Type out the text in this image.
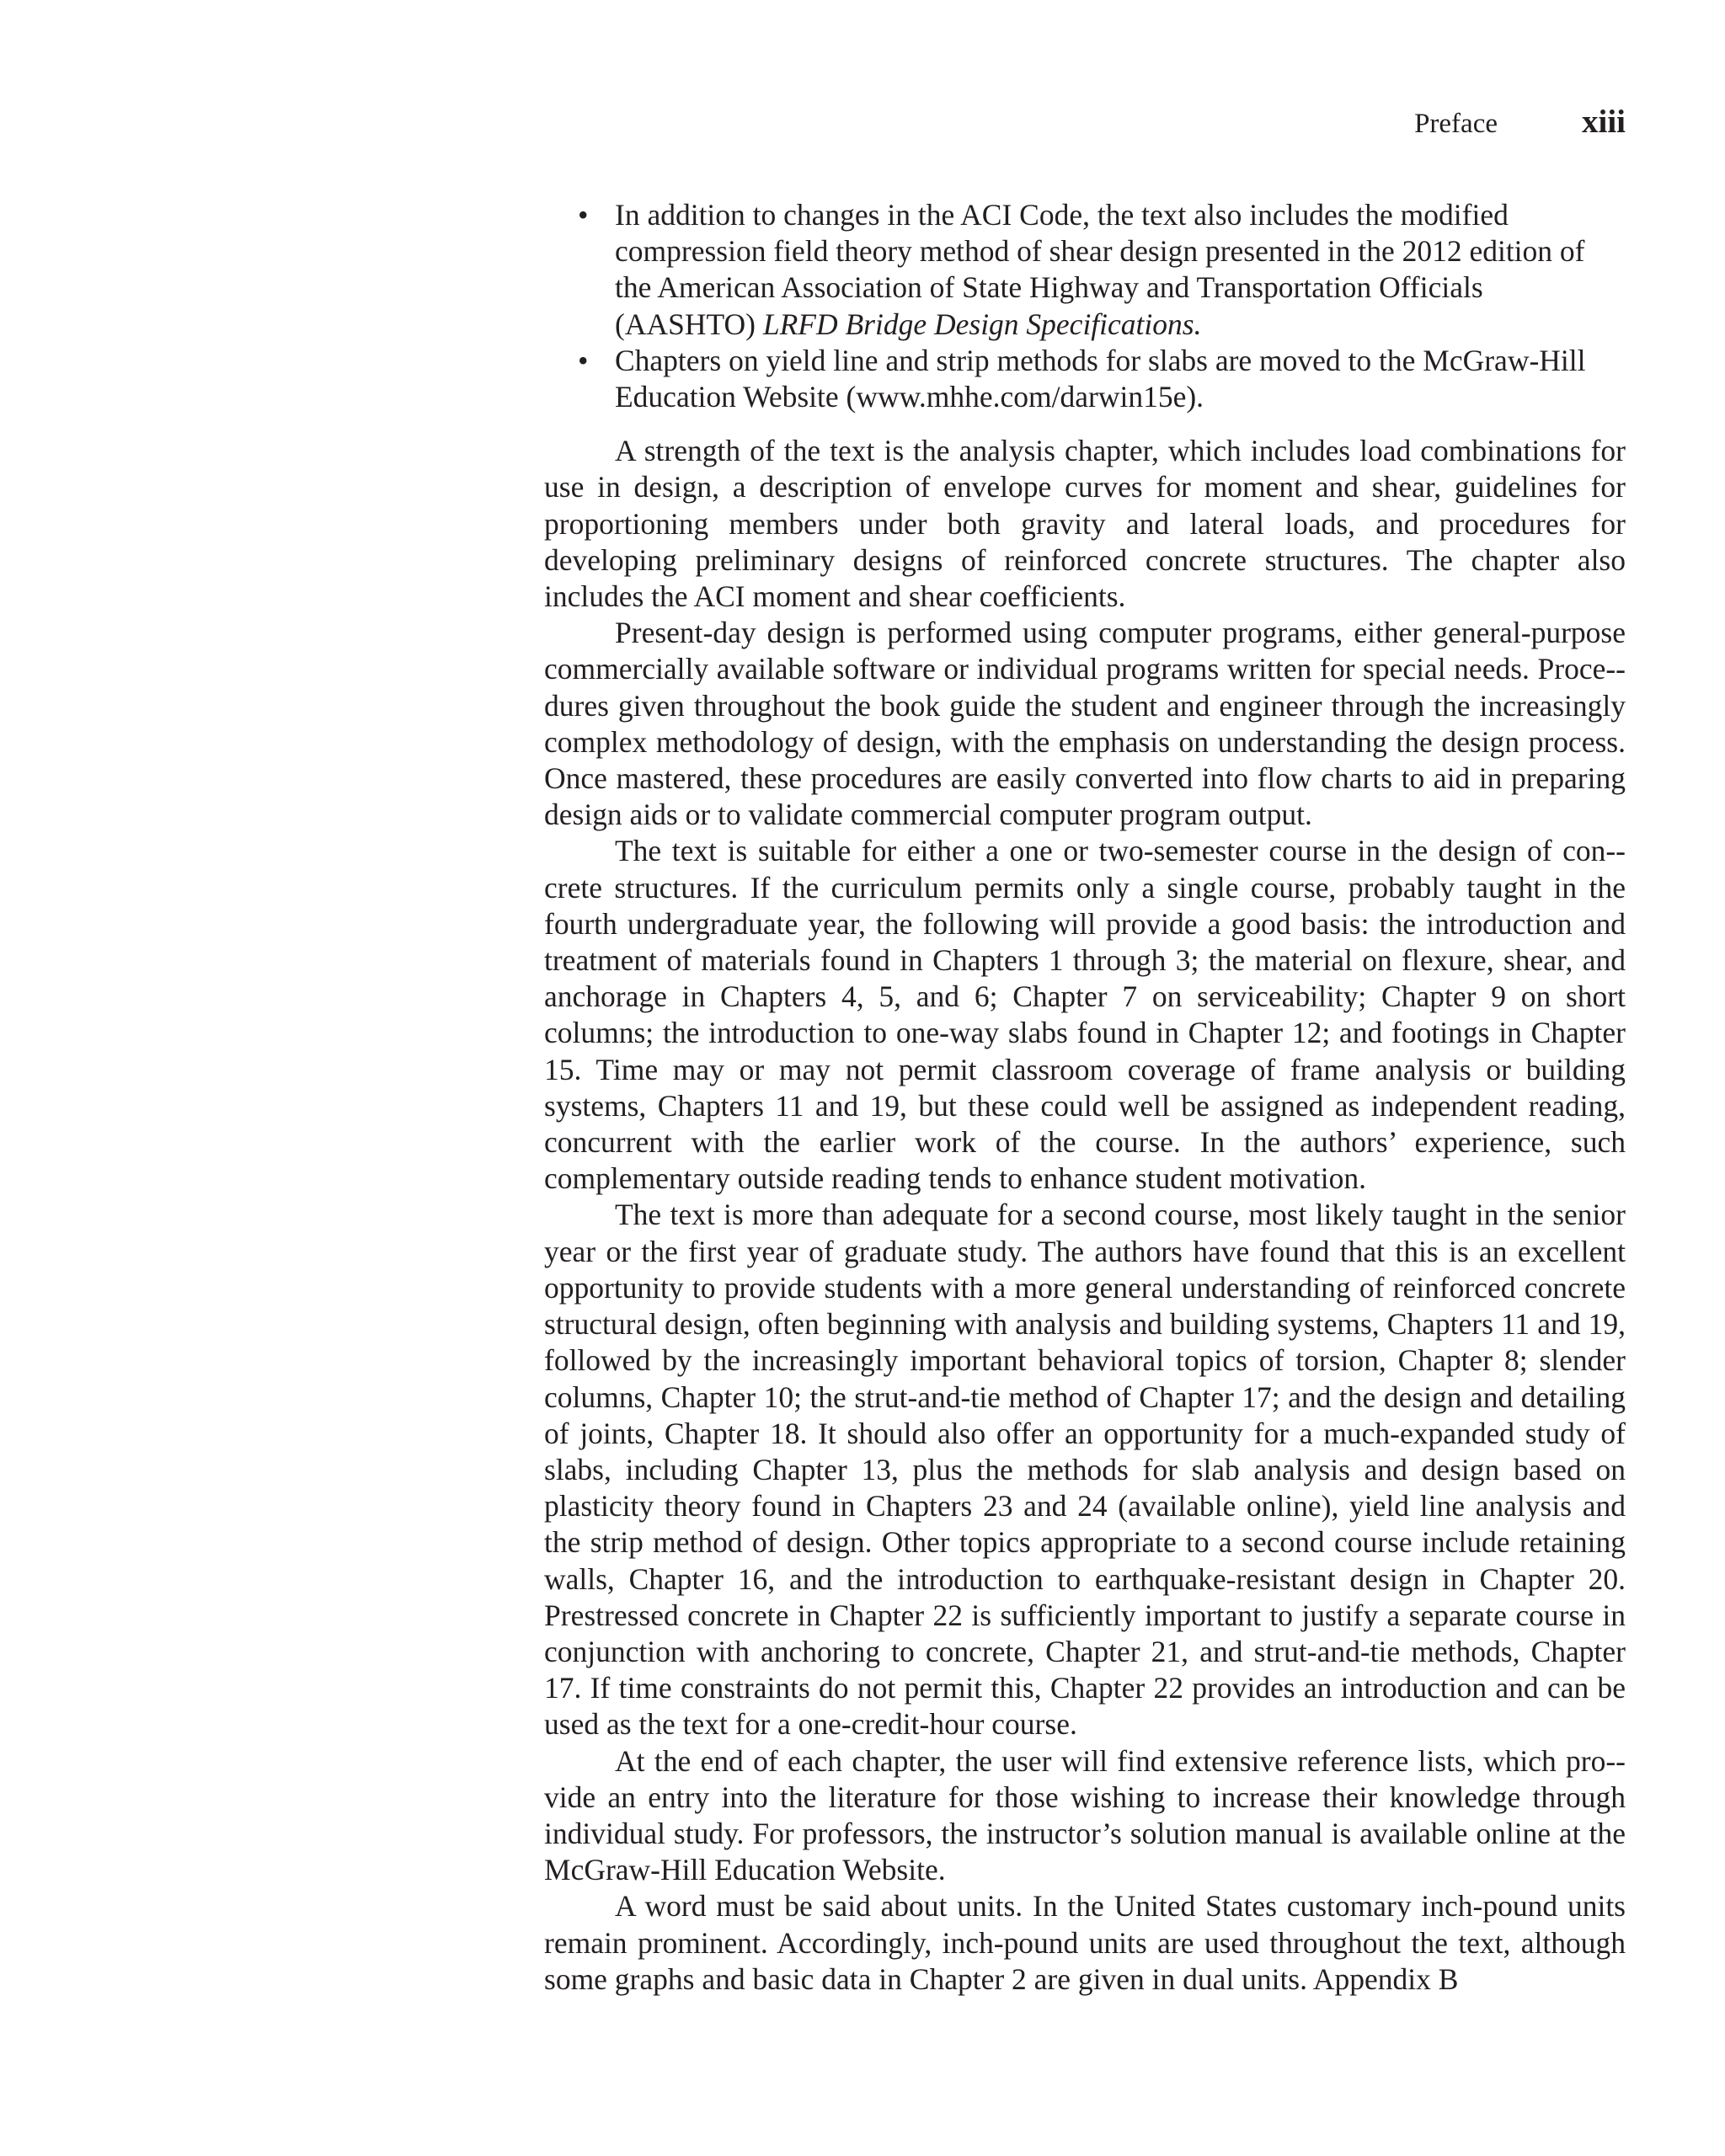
Preface	xiii
•
In addition to changes in the ACI Code, the text also includes the modified compression field theory method of shear design presented in the 2012 edition of the American Association of State Highway and Transportation Officials (AASHTO) LRFD Bridge Design Specifications.
•
Chapters on yield line and strip methods for slabs are moved to the McGraw-Hill Education Website (www.mhhe.com/darwin15e).

A strength of the text is the analysis chapter, which includes load combinations for use in design, a description of envelope curves for moment and shear, guidelines for proportioning members under both gravity and lateral loads, and procedures for developing preliminary designs of reinforced concrete structures. The chapter also includes the ACI moment and shear coefficients.

Present-day design is performed using computer programs, either general-purpose commercially available software or individual programs written for special needs. Proce-dures given throughout the book guide the student and engineer through the increasingly complex methodology of design, with the emphasis on understanding the design process. Once mastered, these procedures are easily converted into flow charts to aid in preparing design aids or to validate commercial computer program output.

The text is suitable for either a one or two-semester course in the design of con-crete structures. If the curriculum permits only a single course, probably taught in the fourth undergraduate year, the following will provide a good basis: the introduction and treatment of materials found in Chapters 1 through 3; the material on flexure, shear, and anchorage in Chapters 4, 5, and 6; Chapter 7 on serviceability; Chapter 9 on short columns; the introduction to one-way slabs found in Chapter 12; and footings in Chapter 15. Time may or may not permit classroom coverage of frame analysis or building systems, Chapters 11 and 19, but these could well be assigned as independent reading, concurrent with the earlier work of the course. In the authors’ experience, such complementary outside reading tends to enhance student motivation.

The text is more than adequate for a second course, most likely taught in the senior year or the first year of graduate study. The authors have found that this is an excellent opportunity to provide students with a more general understanding of reinforced concrete structural design, often beginning with analysis and building systems, Chapters 11 and 19, followed by the increasingly important behavioral topics of torsion, Chapter 8; slender columns, Chapter 10; the strut-and-tie method of Chapter 17; and the design and detailing of joints, Chapter 18. It should also offer an opportunity for a much-expanded study of slabs, including Chapter 13, plus the methods for slab analysis and design based on plasticity theory found in Chapters 23 and 24 (available online), yield line analysis and the strip method of design. Other topics appropriate to a second course include retaining walls, Chapter 16, and the introduction to earthquake-resistant design in Chapter 20. Prestressed concrete in Chapter 22 is sufficiently important to justify a separate course in conjunction with anchoring to concrete, Chapter 21, and strut-and-tie methods, Chapter 17. If time constraints do not permit this, Chapter 22 provides an introduction and can be used as the text for a one-credit-hour course.

At the end of each chapter, the user will find extensive reference lists, which pro-vide an entry into the literature for those wishing to increase their knowledge through individual study. For professors, the instructor’s solution manual is available online at the McGraw-Hill Education Website.

A word must be said about units. In the United States customary inch-pound units remain prominent. Accordingly, inch-pound units are used throughout the text, although some graphs and basic data in Chapter 2 are given in dual units. Appendix B
